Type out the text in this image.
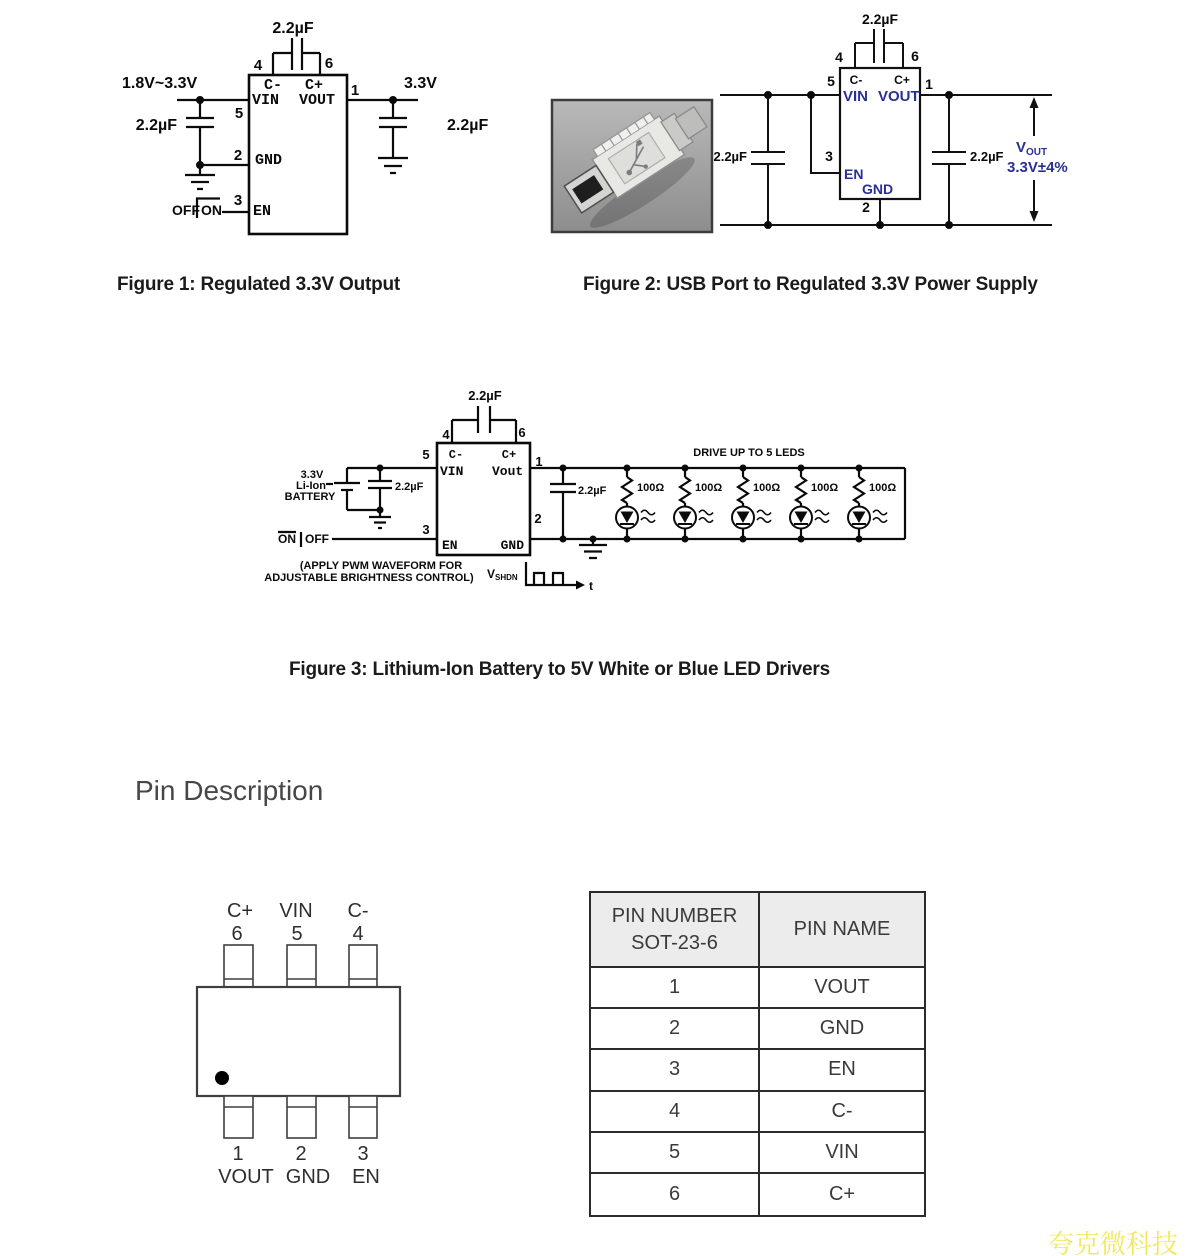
2.2µF
4	6
1
5
2
3
C- C+
VIN VOUT
GND
EN
1.8V~3.3V
2.2µF
OFF ON
3.3V
2.2µF
2.2µF
4	6
5	1
3
2
C-	C+
VIN VOUT
EN
GND
2.2µF	2.2µF
$V_{OUT}$
3.3V±4%
2.2µF
4	6
5	1
3
2
C-	C+
VIN Vout
EN	GND
3.3V
Li-Ion
BATTERY
2.2µF
ON OFF
(APPLY PWM WAVEFORM FOR
ADJUSTABLE BRIGHTNESS CONTROL) VSHDN
t
DRIVE UP TO 5 LEDS
2.2µF	100Ω	100Ω	100Ω	100Ω	100Ω
C+ VIN C-
6 5 4
1	2	3
VOUT GND EN
Figure 1: Regulated 3.3V Output	Figure 2: USB Port to Regulated 3.3V Power Supply
Figure 3: Lithium-Ion Battery to 5V White or Blue LED Drivers
Pin Description
PIN NUMBER
SOT-23-6
PIN NAME
1	VOUT
2	GND
3	EN
4	C-
5	VIN
6	C+
夸克微科技
